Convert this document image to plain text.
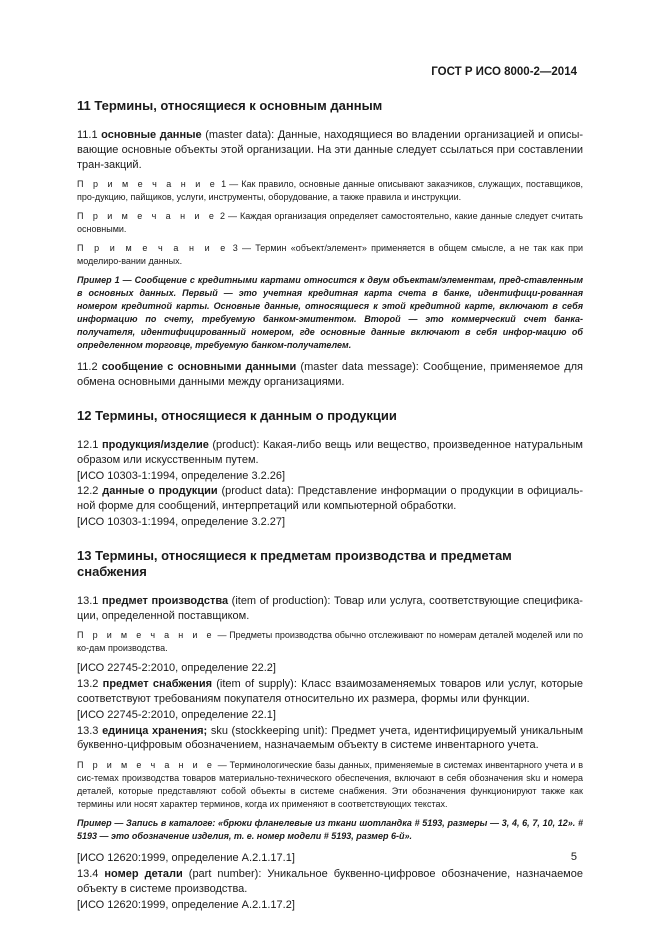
ГОСТ Р ИСО 8000-2—2014
11 Термины, относящиеся к основным данным

11.1 основные данные (master data): Данные, находящиеся во владении организацией и описы-вающие основные объекты этой организации. На эти данные следует ссылаться при составлении тран-закций.

П р и м е ч а н и е 1 — Как правило, основные данные описывают заказчиков, служащих, поставщиков, про-дукцию, пайщиков, услуги, инструменты, оборудование, а также правила и инструкции.

П р и м е ч а н и е 2 — Каждая организация определяет самостоятельно, какие данные следует считать основными.

П р и м е ч а н и е 3 — Термин «объект/элемент» применяется в общем смысле, а не так как при моделиро-вании данных.

Пример 1 — Сообщение с кредитными картами относится к двум объектам/элементам, пред-ставленным в основных данных. Первый — это учетная кредитная карта счета в банке, идентифици-рованная номером кредитной карты. Основные данные, относящиеся к этой кредитной карте, включают в себя информацию по счету, требуемую банком-эмитентом. Второй — это коммерческий счет банка-получателя, идентифицированный номером, где основные данные включают в себя инфор-мацию об определенном торговце, требуемую банком-получателем.

11.2 сообщение с основными данными (master data message): Сообщение, применяемое для обмена основными данными между организациями.

12 Термины, относящиеся к данным о продукции

12.1 продукция/изделие (product): Какая-либо вещь или вещество, произведенное натуральным образом или искусственным путем.

[ИСО 10303-1:1994, определение 3.2.26]

12.2 данные о продукции (product data): Представление информации о продукции в официаль-ной форме для сообщений, интерпретаций или компьютерной обработки.

[ИСО 10303-1:1994, определение 3.2.27]

13 Термины, относящиеся к предметам производства и предметам
снабжения

13.1 предмет производства (item of production): Товар или услуга, соответствующие специфика-ции, определенной поставщиком.

П р и м е ч а н и е — Предметы производства обычно отслеживают по номерам деталей моделей или по ко-дам производства.

[ИСО 22745-2:2010, определение 22.2]

13.2 предмет снабжения (item of supply): Класс взаимозаменяемых товаров или услуг, которые соответствуют требованиям покупателя относительно их размера, формы или функции.

[ИСО 22745-2:2010, определение 22.1]

13.3 единица хранения; sku (stockkeeping unit): Предмет учета, идентифицируемый уникальным буквенно-цифровым обозначением, назначаемым объекту в системе инвентарного учета.

П р и м е ч а н и е — Терминологические базы данных, применяемые в системах инвентарного учета и в сис-темах производства товаров материально-технического обеспечения, включают в себя обозначения sku и номера деталей, которые представляют собой объекты в системе снабжения. Эти обозначения функционируют также как термины или носят характер терминов, когда их применяют в соответствующих текстах.

Пример — Запись в каталоге: «брюки фланелевые из ткани шотландка # 5193, размеры — 3, 4, 6, 7, 10, 12». # 5193 — это обозначение изделия, т. е. номер модели # 5193, размер 6-й».

[ИСО 12620:1999, определение А.2.1.17.1]

13.4 номер детали (part number): Уникальное буквенно-цифровое обозначение, назначаемое объекту в системе производства.

[ИСО 12620:1999, определение А.2.1.17.2]

5
